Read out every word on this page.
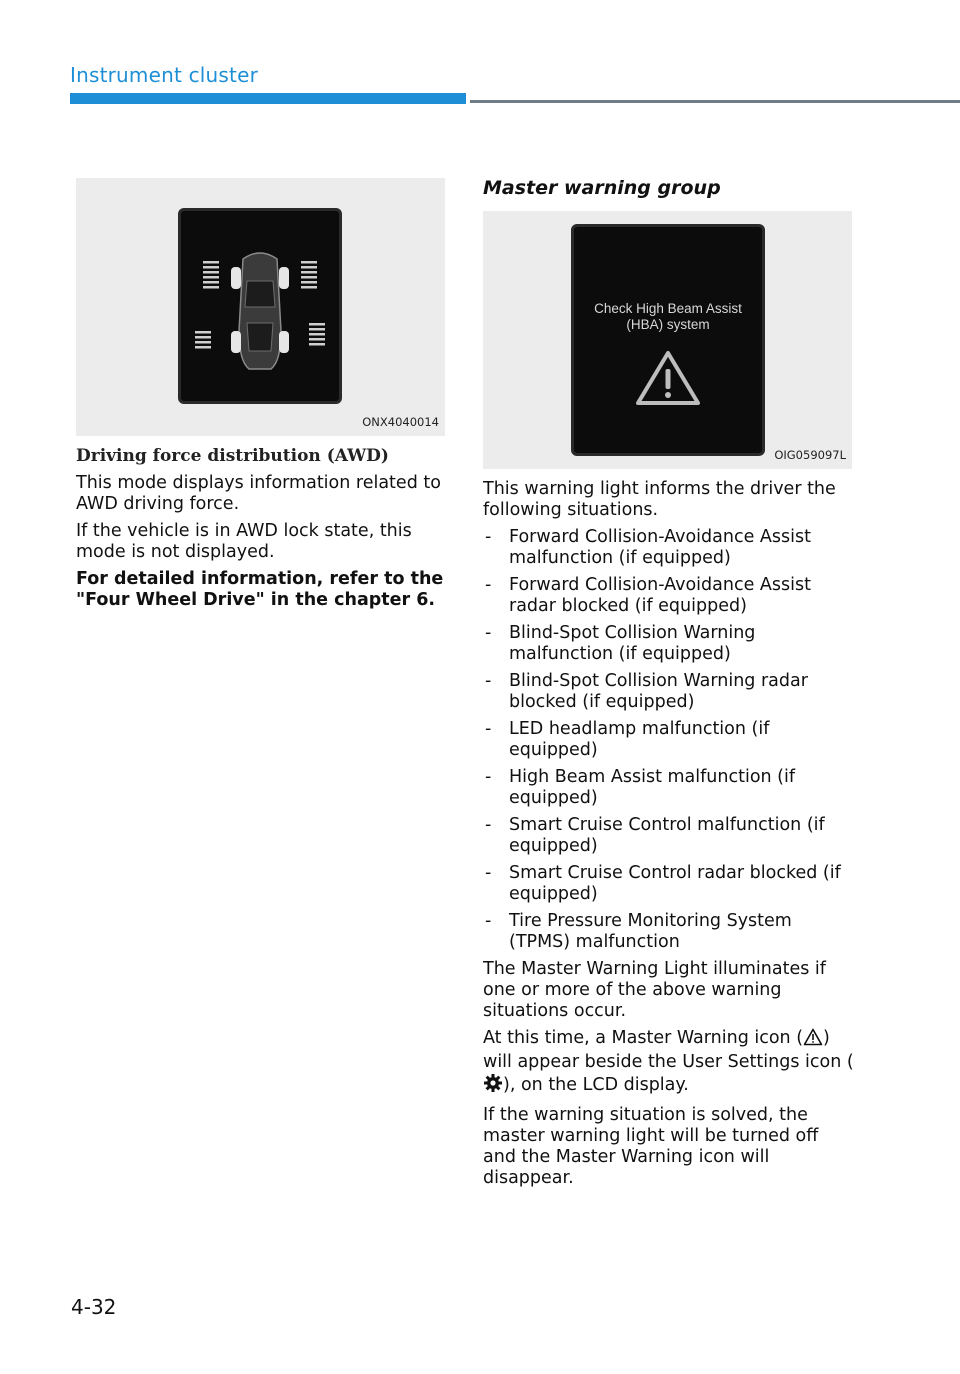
Instrument cluster
ONX4040014
Driving force distribution (AWD)

This mode displays information related to AWD driving force.

If the vehicle is in AWD lock state, this mode is not displayed.

For detailed information, refer to the "Four Wheel Drive" in the chapter 6.

Master warning group
Check High Beam Assist
(HBA) system
OIG059097L

This warning light informs the driver the following situations.

- Forward Collision-Avoidance Assist malfunction (if equipped)
- Forward Collision-Avoidance Assist radar blocked (if equipped)
- Blind-Spot Collision Warning malfunction (if equipped)
- Blind-Spot Collision Warning radar blocked (if equipped)
- LED headlamp malfunction (if equipped)
- High Beam Assist malfunction (if equipped)
- Smart Cruise Control malfunction (if equipped)
- Smart Cruise Control radar blocked (if equipped)
- Tire Pressure Monitoring System (TPMS) malfunction

The Master Warning Light illuminates if one or more of the above warning situations occur.

At this time, a Master Warning icon ( ) will appear beside the User Settings icon (), on the LCD display.

If the warning situation is solved, the master warning light will be turned off and the Master Warning icon will disappear.

4-32
